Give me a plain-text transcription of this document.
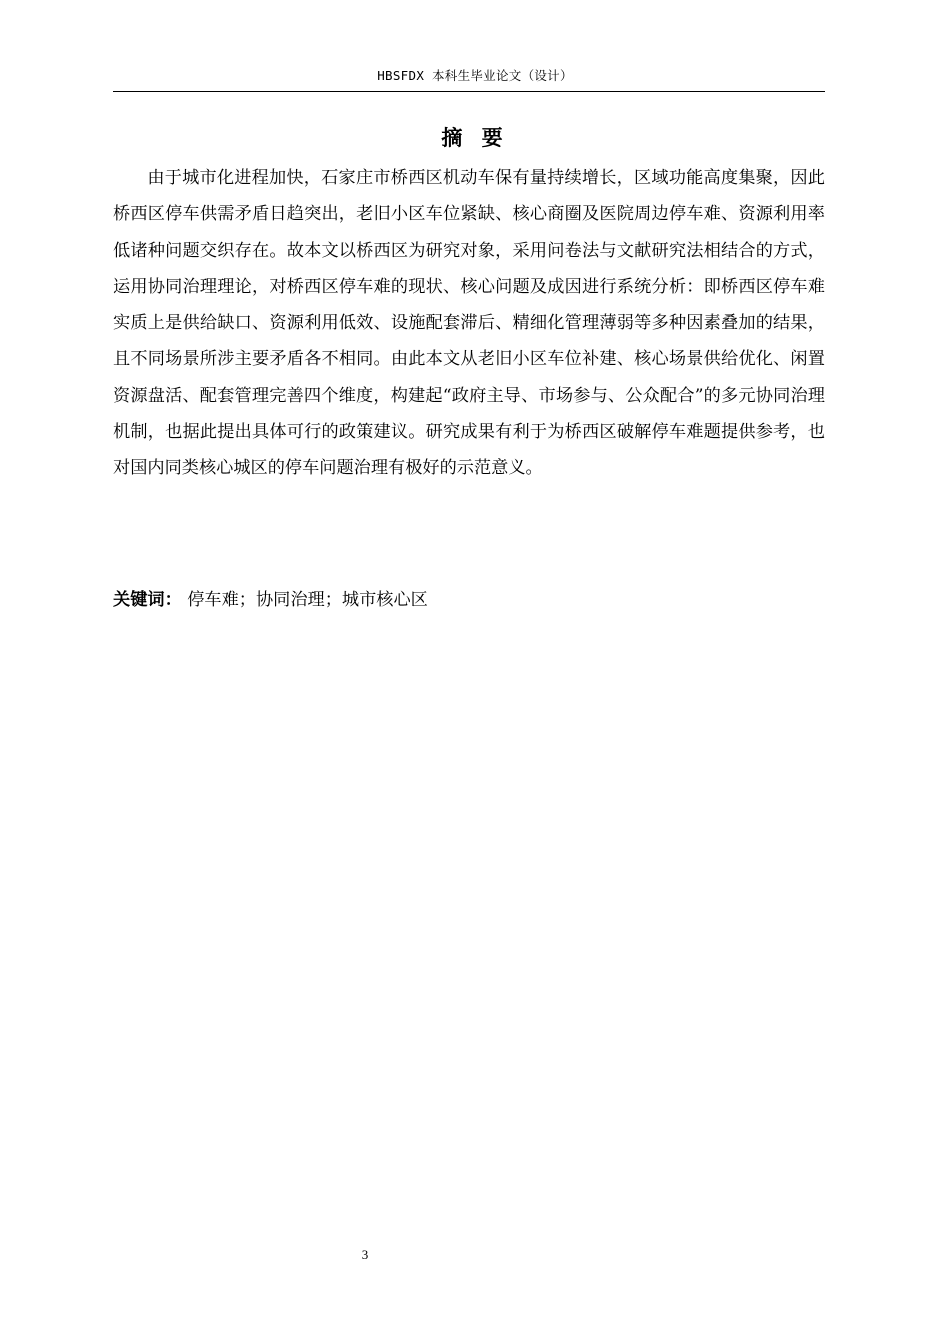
HBSFDX 本科生毕业论文（设计）
摘 要

由于城市化进程加快，石家庄市桥西区机动车保有量持续增长，区域功能高度集聚，因此桥西区停车供需矛盾日趋突出，老旧小区车位紧缺、核心商圈及医院周边停车难、资源利用率低诸种问题交织存在。故本文以桥西区为研究对象，采用问卷法与文献研究法相结合的方式，运用协同治理理论，对桥西区停车难的现状、核心问题及成因进行系统分析：即桥西区停车难实质上是供给缺口、资源利用低效、设施配套滞后、精细化管理薄弱等多种因素叠加的结果，且不同场景所涉主要矛盾各不相同。由此本文从老旧小区车位补建、核心场景供给优化、闲置资源盘活、配套管理完善四个维度，构建起“政府主导、市场参与、公众配合”的多元协同治理机制，也据此提出具体可行的政策建议。研究成果有利于为桥西区破解停车难题提供参考，也对国内同类核心城区的停车问题治理有极好的示范意义。

关键词： 停车难；协同治理；城市核心区
3
